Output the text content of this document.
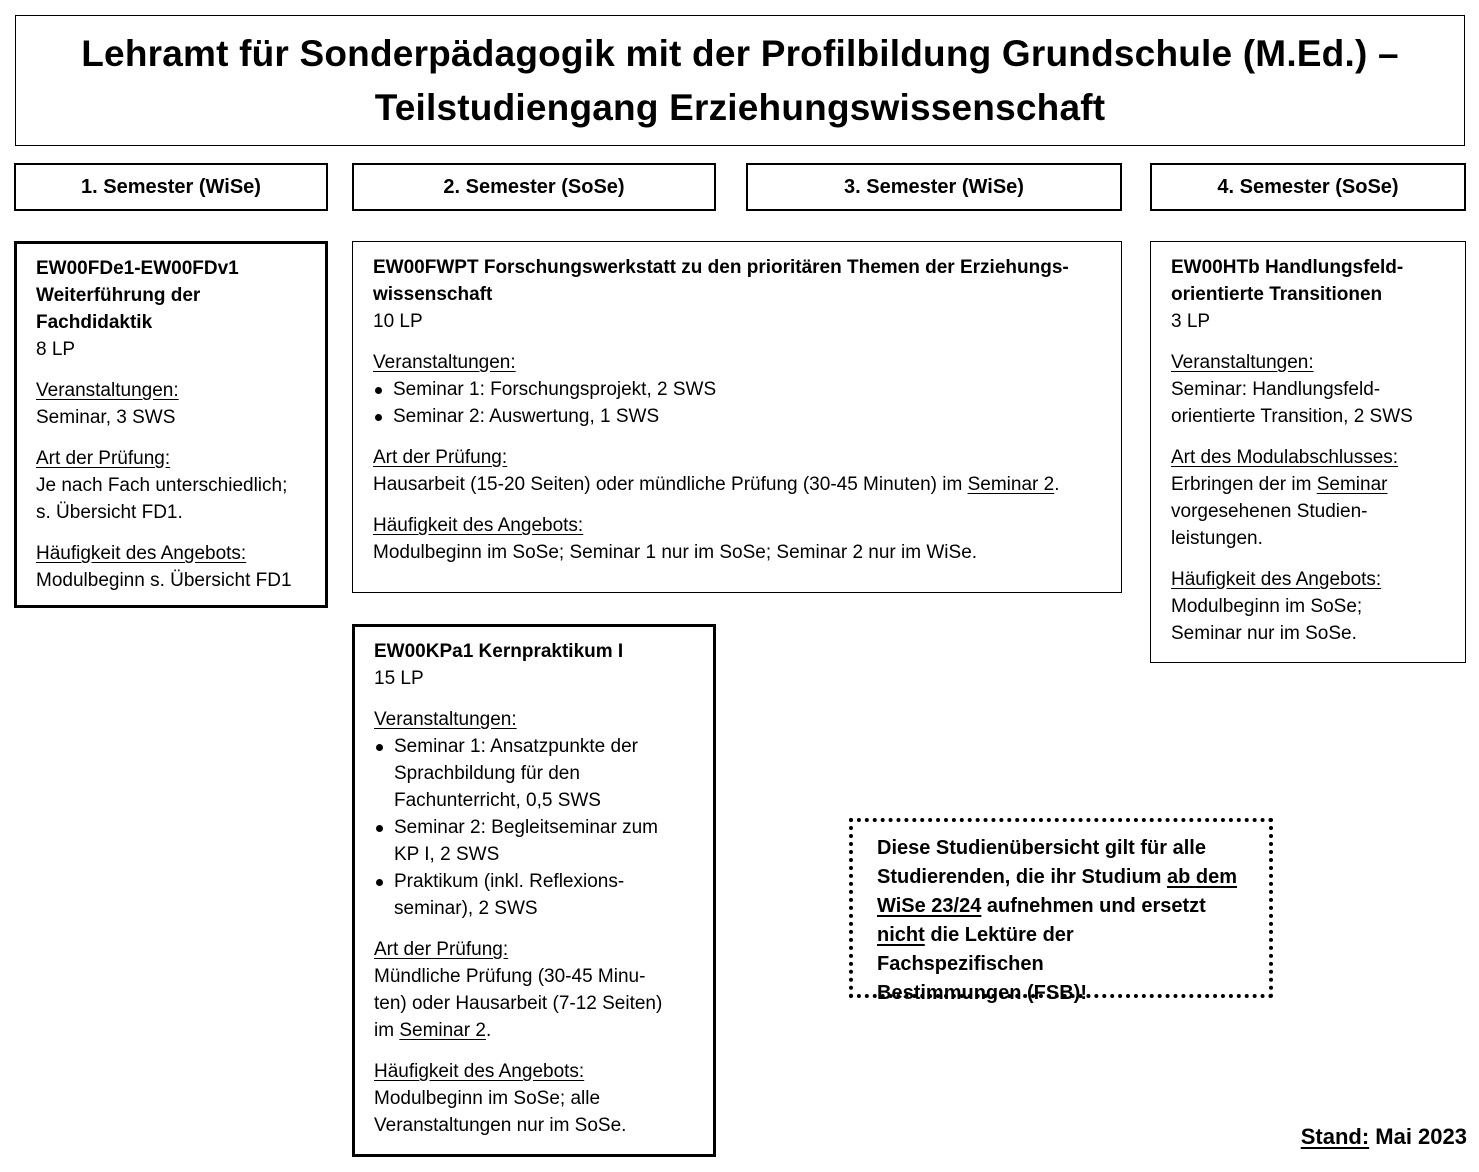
Lehramt für Sonderpädagogik mit der Profilbildung Grundschule (M.Ed.) –
Teilstudiengang Erziehungswissenschaft
1. Semester (WiSe)	2. Semester (SoSe)	3. Semester (WiSe)	4. Semester (SoSe)

EW00FDe1-EW00FDv1

Weiterführung der

Fachdidaktik

8 LP

Veranstaltungen:

Seminar, 3 SWS

Art der Prüfung:

Je nach Fach unterschiedlich;

s. Übersicht FD1.

Häufigkeit des Angebots:

Modulbeginn s. Übersicht FD1

EW00FWPT Forschungswerkstatt zu den prioritären Themen der Erziehungs-

wissenschaft

10 LP

Veranstaltungen:

Seminar 1: Forschungsprojekt, 2 SWS
Seminar 2: Auswertung, 1 SWS

Art der Prüfung:

Hausarbeit (15-20 Seiten) oder mündliche Prüfung (30-45 Minuten) im Seminar 2.

Häufigkeit des Angebots:

Modulbeginn im SoSe; Seminar 1 nur im SoSe; Seminar 2 nur im WiSe.

EW00HTb Handlungsfeld-

orientierte Transitionen

3 LP

Veranstaltungen:

Seminar: Handlungsfeld-

orientierte Transition, 2 SWS

Art des Modulabschlusses:

Erbringen der im Seminar

vorgesehenen Studien-

leistungen.

Häufigkeit des Angebots:

Modulbeginn im SoSe;

Seminar nur im SoSe.

EW00KPa1 Kernpraktikum I

15 LP

Veranstaltungen:

Seminar 1: Ansatzpunkte der
Sprachbildung für den
Fachunterricht, 0,5 SWS
Seminar 2: Begleitseminar zum
KP I, 2 SWS
Praktikum (inkl. Reflexions-
seminar), 2 SWS

Art der Prüfung:

Mündliche Prüfung (30-45 Minu-

ten) oder Hausarbeit (7-12 Seiten)

im Seminar 2.

Häufigkeit des Angebots:

Modulbeginn im SoSe; alle

Veranstaltungen nur im SoSe.

Diese Studienübersicht gilt für alle
Studierenden, die ihr Studium ab dem
WiSe 23/24 aufnehmen und ersetzt
nicht die Lektüre der Fachspezifischen
Bestimmungen (FSB)!
Stand: Mai 2023
